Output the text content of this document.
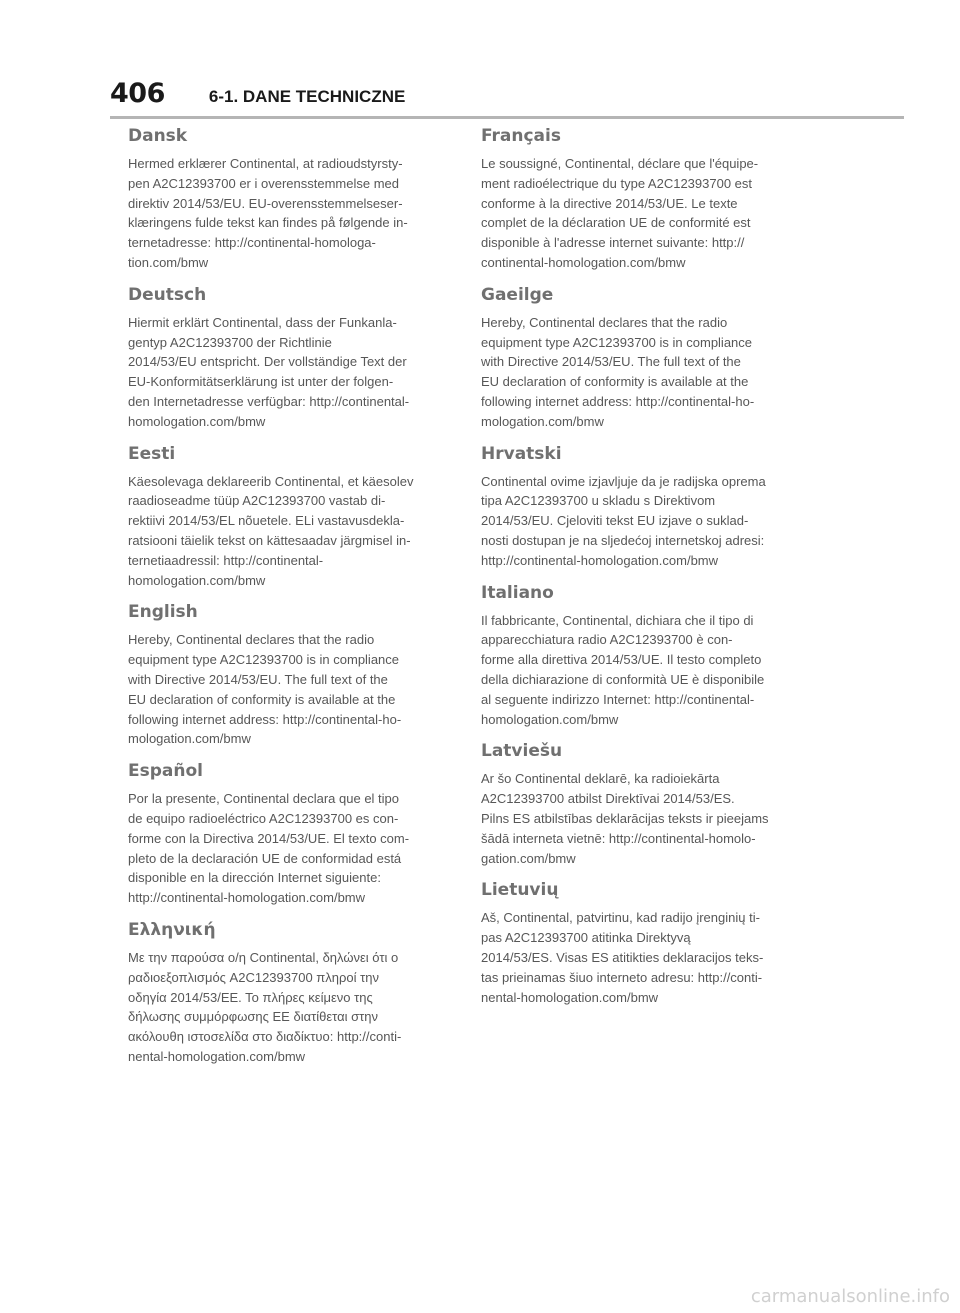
406	6-1. DANE TECHNICZNE
Dansk

Hermed erklærer Continental, at radioudstyrsty-
pen A2C12393700 er i overensstemmelse med
direktiv 2014/53/EU. EU-overensstemmelseser-
klæringens fulde tekst kan findes på følgende in-
ternetadresse: http://continental-homologa-
tion.com/bmw

Deutsch

Hiermit erklärt Continental, dass der Funkanla-
gentyp A2C12393700 der Richtlinie
2014/53/EU entspricht. Der vollständige Text der
EU-Konformitätserklärung ist unter der folgen-
den Internetadresse verfügbar: http://continental-
homologation.com/bmw

Eesti

Käesolevaga deklareerib Continental, et käesolev
raadioseadme tüüp A2C12393700 vastab di-
rektiivi 2014/53/EL nõuetele. ELi vastavusdekla-
ratsiooni täielik tekst on kättesaadav järgmisel in-
ternetiaadressil: http://continental-
homologation.com/bmw

English

Hereby, Continental declares that the radio
equipment type A2C12393700 is in compliance
with Directive 2014/53/EU. The full text of the
EU declaration of conformity is available at the
following internet address: http://continental-ho-
mologation.com/bmw

Español

Por la presente, Continental declara que el tipo
de equipo radioeléctrico A2C12393700 es con-
forme con la Directiva 2014/53/UE. El texto com-
pleto de la declaración UE de conformidad está
disponible en la dirección Internet siguiente:
http://continental-homologation.com/bmw

Ελληνική

Με την παρούσα ο/η Continental, δηλώνει ότι ο
ραδιοεξοπλισμός A2C12393700 πληροί την
οδηγία 2014/53/ΕΕ. Το πλήρες κείμενο της
δήλωσης συμμόρφωσης ΕΕ διατίθεται στην
ακόλουθη ιστοσελίδα στο διαδίκτυο: http://conti-
nental-homologation.com/bmw

Français

Le soussigné, Continental, déclare que l'équipe-
ment radioélectrique du type A2C12393700 est
conforme à la directive 2014/53/UE. Le texte
complet de la déclaration UE de conformité est
disponible à l'adresse internet suivante: http://
continental-homologation.com/bmw

Gaeilge

Hereby, Continental declares that the radio
equipment type A2C12393700 is in compliance
with Directive 2014/53/EU. The full text of the
EU declaration of conformity is available at the
following internet address: http://continental-ho-
mologation.com/bmw

Hrvatski

Continental ovime izjavljuje da je radijska oprema
tipa A2C12393700 u skladu s Direktivom
2014/53/EU. Cjeloviti tekst EU izjave o suklad-
nosti dostupan je na sljedećoj internetskoj adresi:
http://continental-homologation.com/bmw

Italiano

Il fabbricante, Continental, dichiara che il tipo di
apparecchiatura radio A2C12393700 è con-
forme alla direttiva 2014/53/UE. Il testo completo
della dichiarazione di conformità UE è disponibile
al seguente indirizzo Internet: http://continental-
homologation.com/bmw

Latviešu

Ar šo Continental deklarē, ka radioiekārta
A2C12393700 atbilst Direktīvai 2014/53/ES.
Pilns ES atbilstības deklarācijas teksts ir pieejams
šādā interneta vietnē: http://continental-homolo-
gation.com/bmw

Lietuvių

Aš, Continental, patvirtinu, kad radijo įrenginių ti-
pas A2C12393700 atitinka Direktyvą
2014/53/ES. Visas ES atitikties deklaracijos teks-
tas prieinamas šiuo interneto adresu: http://conti-
nental-homologation.com/bmw

carmanualsonline.info
